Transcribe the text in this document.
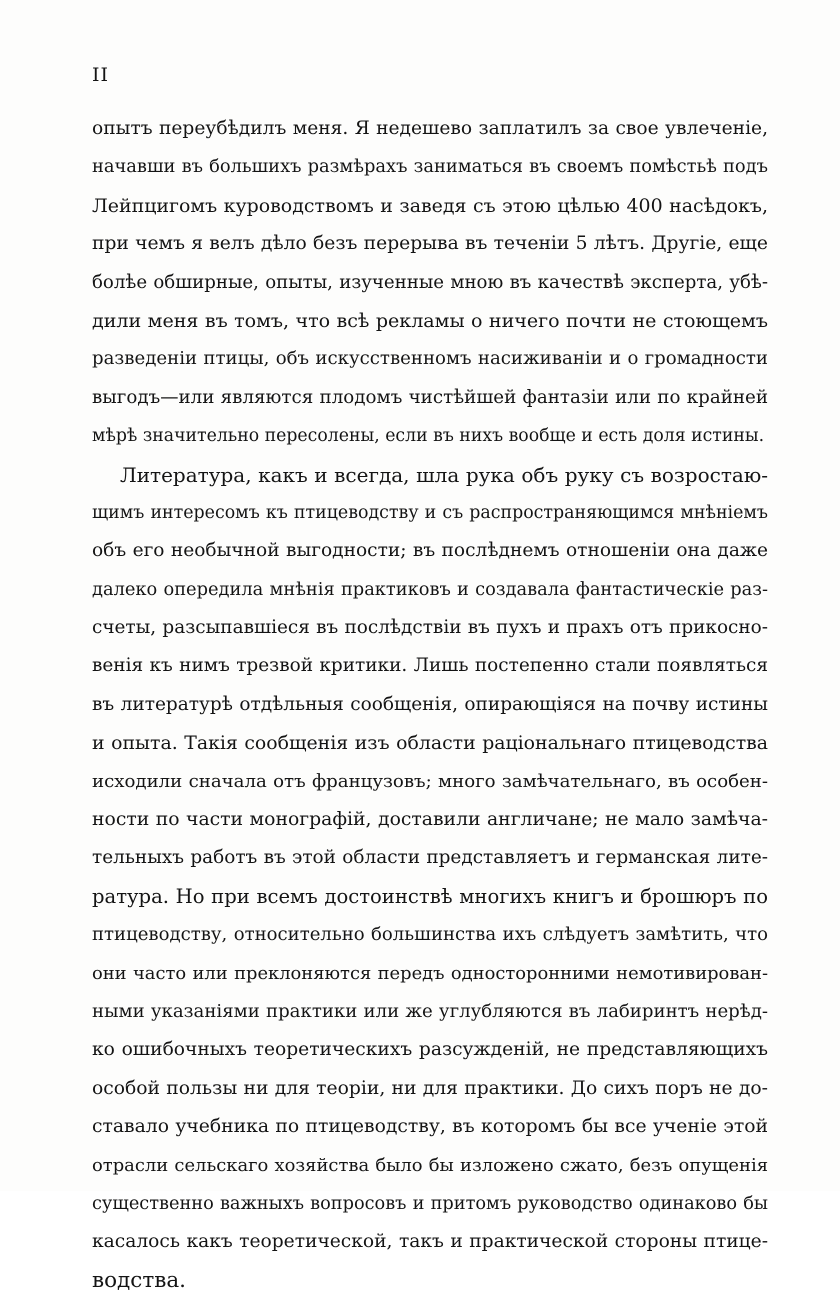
II
опытъ переубѣдилъ меня. Я недешево заплатилъ за свое увлеченіе,
начавши въ большихъ размѣрахъ заниматься въ своемъ помѣстьѣ подъ
Лейпцигомъ куроводствомъ и заведя съ этою цѣлью 400 насѣдокъ,
при чемъ я велъ дѣло безъ перерыва въ теченіи 5 лѣтъ. Другіе, еще
болѣе обширные, опыты, изученные мною въ качествѣ эксперта, убѣ-
дили меня въ томъ, что всѣ рекламы о ничего почти не стоющемъ
разведеніи птицы, объ искусственномъ насиживаніи и о громадности
выгодъ—или являются плодомъ чистѣйшей фантазіи или по крайней
мѣрѣ значительно пересолены, если въ нихъ вообще и есть доля истины.
Литература, какъ и всегда, шла рука объ руку съ возростаю-
щимъ интересомъ къ птицеводству и съ распространяющимся мнѣніемъ
объ его необычной выгодности; въ послѣднемъ отношеніи она даже
далеко опередила мнѣнія практиковъ и создавала фантастическіе раз-
счеты, разсыпавшіеся въ послѣдствіи въ пухъ и прахъ отъ прикосно-
венія къ нимъ трезвой критики. Лишь постепенно стали появляться
въ литературѣ отдѣльныя сообщенія, опирающіяся на почву истины
и опыта. Такія сообщенія изъ области раціональнаго птицеводства
исходили сначала отъ французовъ; много замѣчательнаго, въ особен-
ности по части монографій, доставили англичане; не мало замѣча-
тельныхъ работъ въ этой области представляетъ и германская лите-
ратура. Но при всемъ достоинствѣ многихъ книгъ и брошюръ по
птицеводству, относительно большинства ихъ слѣдуетъ замѣтить, что
они часто или преклоняются передъ односторонними немотивирован-
ными указаніями практики или же углубляются въ лабиринтъ нерѣд-
ко ошибочныхъ теоретическихъ разсужденій, не представляющихъ
особой пользы ни для теоріи, ни для практики. До сихъ поръ не до-
ставало учебника по птицеводству, въ которомъ бы все ученіе этой
отрасли сельскаго хозяйства было бы изложено сжато, безъ опущенія
существенно важныхъ вопросовъ и притомъ руководство одинаково бы
касалось какъ теоретической, такъ и практической стороны птице-
водства.
